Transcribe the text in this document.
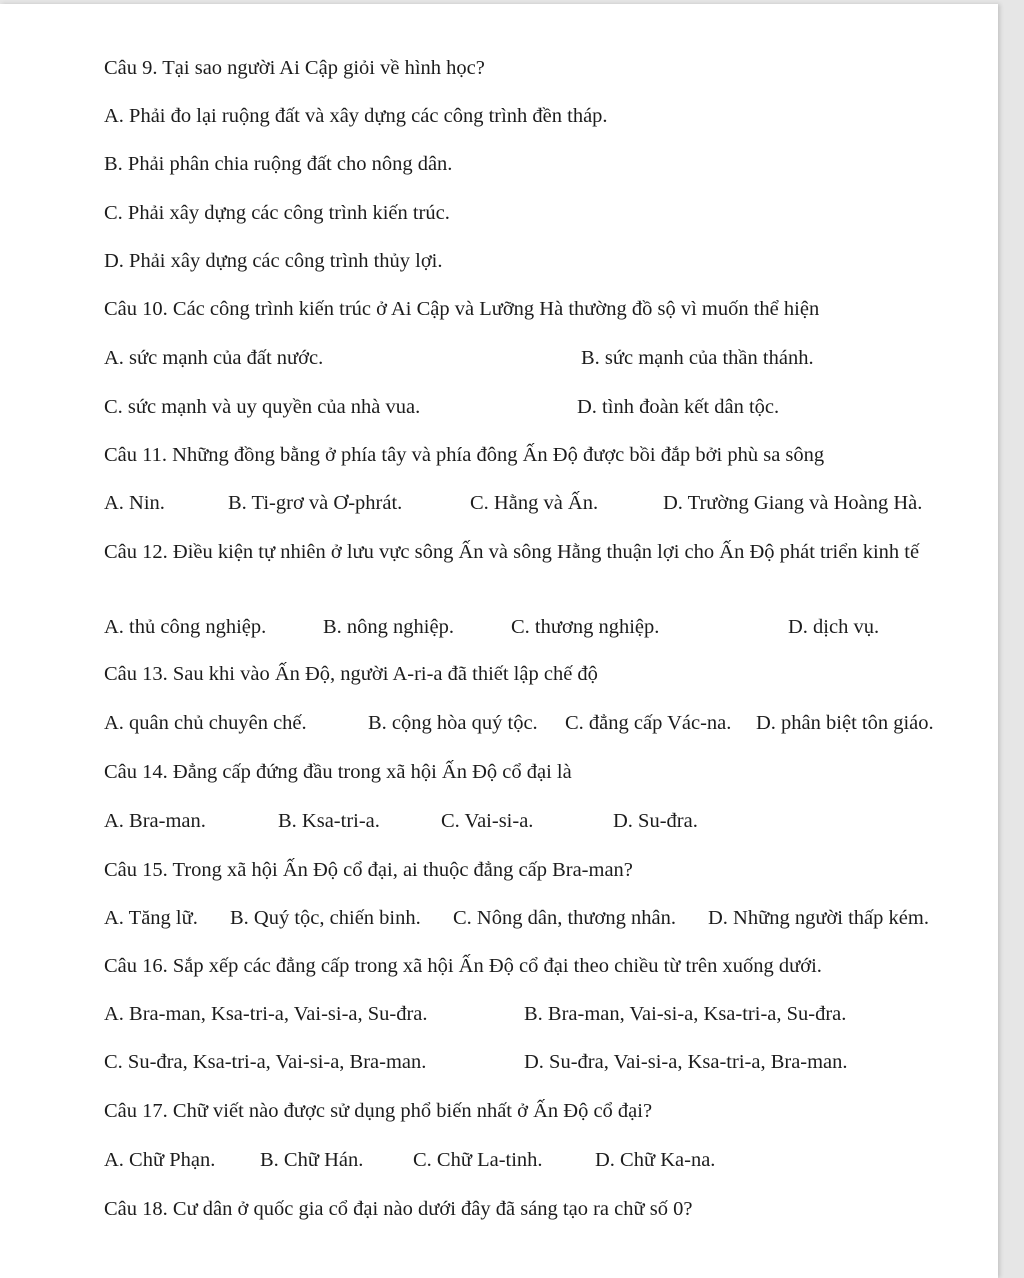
Câu 9. Tại sao người Ai Cập giỏi về hình học?
A. Phải đo lại ruộng đất và xây dựng các công trình đền tháp.
B. Phải phân chia ruộng đất cho nông dân.
C. Phải xây dựng các công trình kiến trúc.
D. Phải xây dựng các công trình thủy lợi.
Câu 10. Các công trình kiến trúc ở Ai Cập và Lưỡng Hà thường đồ sộ vì muốn thể hiện
A. sức mạnh của đất nước.	B. sức mạnh của thần thánh.
C. sức mạnh và uy quyền của nhà vua.	D. tình đoàn kết dân tộc.
Câu 11. Những đồng bằng ở phía tây và phía đông Ấn Độ được bồi đắp bởi phù sa sông
A. Nin.	B. Ti-grơ và Ơ-phrát.	C. Hằng và Ấn.	D. Trường Giang và Hoàng Hà.
Câu 12. Điều kiện tự nhiên ở lưu vực sông Ấn và sông Hằng thuận lợi cho Ấn Độ phát triển kinh tế
A. thủ công nghiệp.	B. nông nghiệp.	C. thương nghiệp.	D. dịch vụ.
Câu 13. Sau khi vào Ấn Độ, người A-ri-a đã thiết lập chế độ
A. quân chủ chuyên chế.	B. cộng hòa quý tộc. C. đẳng cấp Vác-na. D. phân biệt tôn giáo.
Câu 14. Đẳng cấp đứng đầu trong xã hội Ấn Độ cổ đại là
A. Bra-man.	B. Ksa-tri-a.	C. Vai-si-a.	D. Su-đra.
Câu 15. Trong xã hội Ấn Độ cổ đại, ai thuộc đẳng cấp Bra-man?
A. Tăng lữ. B. Quý tộc, chiến binh. C. Nông dân, thương nhân. D. Những người thấp kém.
Câu 16. Sắp xếp các đẳng cấp trong xã hội Ấn Độ cổ đại theo chiều từ trên xuống dưới.
A. Bra-man, Ksa-tri-a, Vai-si-a, Su-đra.	B. Bra-man, Vai-si-a, Ksa-tri-a, Su-đra.
C. Su-đra, Ksa-tri-a, Vai-si-a, Bra-man.	D. Su-đra, Vai-si-a, Ksa-tri-a, Bra-man.
Câu 17. Chữ viết nào được sử dụng phổ biến nhất ở Ấn Độ cổ đại?
A. Chữ Phạn. B. Chữ Hán. C. Chữ La-tinh.	D. Chữ Ka-na.
Câu 18. Cư dân ở quốc gia cổ đại nào dưới đây đã sáng tạo ra chữ số 0?
